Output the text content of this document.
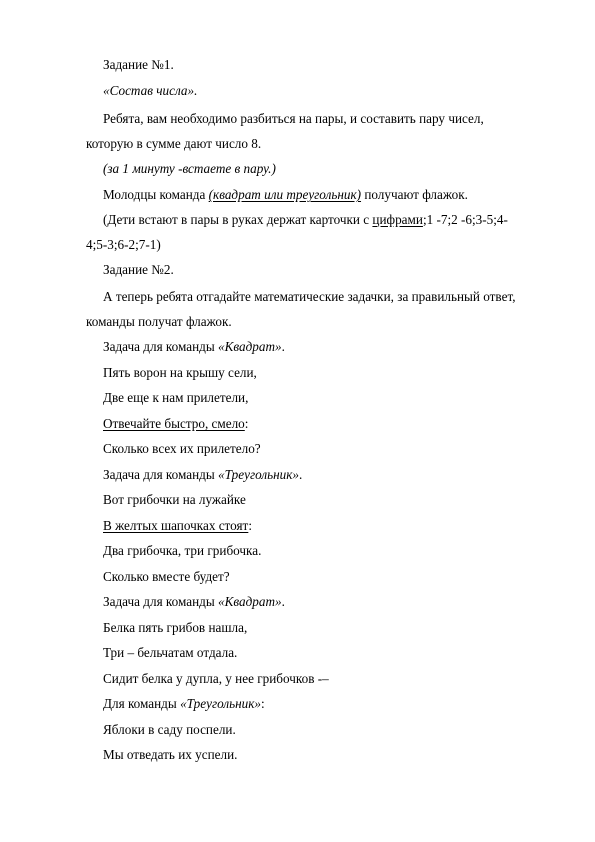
Задание №1.
«Состав числа».
Ребята, вам необходимо разбиться на пары, и составить пару чисел,
которую в сумме дают число 8.
(за 1 минуту -встаете в пару.)
Молодцы команда (квадрат или треугольник) получают флажок.
(Дети встают в пары в руках держат карточки с цифрами;1 -7;2 -6;3-5;4-
4;5-3;6-2;7-1)
Задание №2.
А теперь ребята отгадайте математические задачки, за правильный ответ,
команды получат флажок.
Задача для команды «Квадрат».
Пять ворон на крышу сели,
Две еще к нам прилетели,
Отвечайте быстро, смело:
Сколько всех их прилетело?
Задача для команды «Треугольник».
Вот грибочки на лужайке
В желтых шапочках стоят:
Два грибочка, три грибочка.
Сколько вместе будет?
Задача для команды «Квадрат».
Белка пять грибов нашла,
Три – бельчатам отдала.
Сидит белка у дупла, у нее грибочков -–
Для команды «Треугольник»:
Яблоки в саду поспели.
Мы отведать их успели.
